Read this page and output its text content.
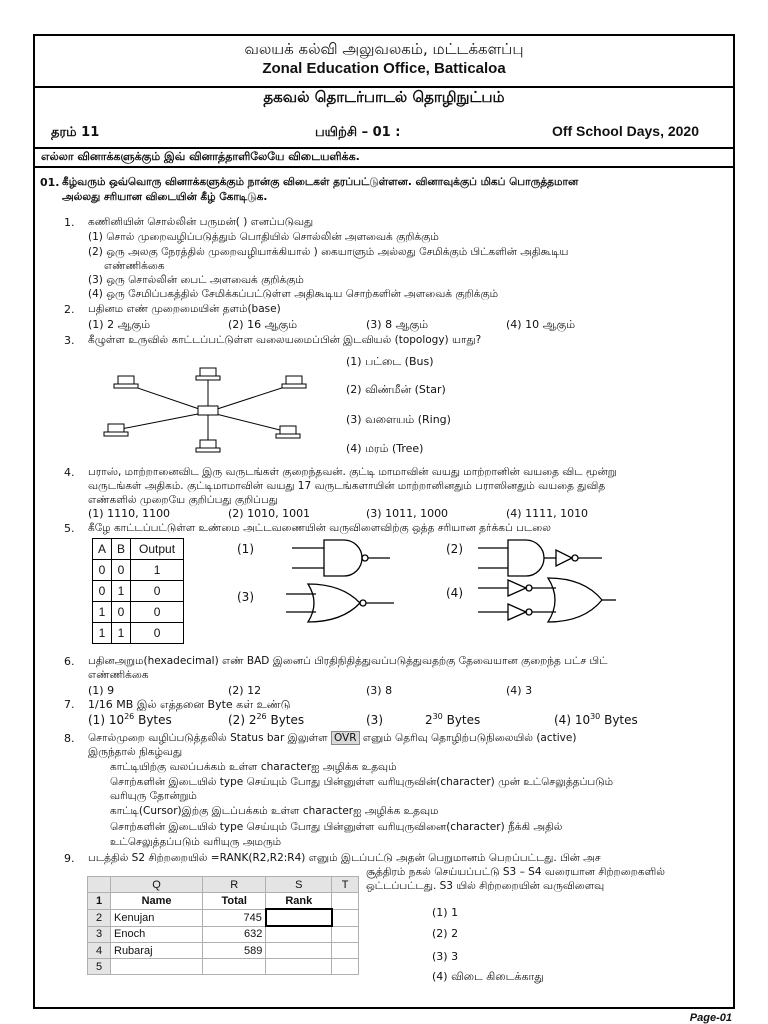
வலயக் கல்வி அலுவலகம், மட்டக்களப்பு
Zonal Education Office, Batticaloa
தகவல் தொடர்பாடல் தொழிநுட்பம்
தரம் 11	பயிற்சி – 01 :	Off School Days, 2020
எல்லா வினாக்களுக்கும் இவ் வினாத்தாளிலேயே விடையளிக்க.
01. கீழ்வரும் ஒவ்வொரு வினாக்களுக்கும் நான்கு விடைகள் தரப்பட்டுள்ளன. வினாவுக்குப் மிகப் பொருத்தமான
அல்லது சரியான விடையின் கீழ் கோடிடுக.
1. கணினியின் சொல்லின் பருமன்( ) எனப்படுவது
(1) சொல் முறைவழிப்படுத்தும் பொதியில் சொல்லின் அளவைக் குறிக்கும்
(2) ஒரு அலகு நேரத்தில் முறைவழியாக்கியால் ) கையாளும் அல்லது சேமிக்கும் பிட்களின் அதிகூடிய
எண்ணிக்கை
(3) ஒரு சொல்லின் பைட் அளவைக் குறிக்கும்
(4) ஒரு சேமிப்பகத்தில் சேமிக்கப்பட்டுள்ள அதிகூடிய சொற்களின் அளவைக் குறிக்கும்
2. பதினம எண் முறைமையின் தளம்(base)
(1) 2 ஆகும்	(2) 16 ஆகும்	(3) 8 ஆகும்	(4) 10 ஆகும்
3. கீழுள்ள உருவில் காட்டப்பட்டுள்ள வலையமைப்பின் இடவியல் (topology) யாது?
(1) பட்டை (Bus)
(2) விண்மீன் (Star)
(3) வளையம் (Ring)
(4) மரம் (Tree)
4. பராஸ், மாற்றானைவிட இரு வருடங்கள் குறைந்தவன். குட்டி மாமாவின் வயது மாற்றானின் வயதை விட மூன்று
வருடங்கள் அதிகம். குட்டிமாமாவின் வயது 17 வருடங்களாயின் மாற்றானினதும் பராஸினதும் வயதை துவித
எண்களில் முறையே குறிப்பது குறிப்பது
(1) 1110, 1100	(2) 1010, 1001	(3) 1011, 1000	(4) 1111, 1010
5. கீழே காட்டப்பட்டுள்ள உண்மை அட்டவணையின் வருவிளைவிற்கு ஒத்த சரியான தர்க்கப் படலை
A	B	Output
0	0	1
0	1	0
1	0	0
1	1	0
(1)	(2)
(3)	(4)
6. பதினஅறும(hexadecimal) எண் BAD இனைப் பிரதிநிதித்துவப்படுத்துவதற்கு தேவையான குறைந்த பட்ச பிட்
எண்ணிக்கை
(1) 9	(2) 12	(3) 8	(4) 3
7. 1/16 MB இல் எத்தனை Byte கள் உண்டு
(1) $10^{26}$ Bytes	(2) $2^{26}$ Bytes	(3)           $2^{30}$ Bytes	(4) $10^{30}$ Bytes
8. சொல்முறை வழிப்படுத்தலில் Status bar இலுள்ள OVR எனும் தெரிவு தொழிற்படுநிலையில் (active)
இருந்தால் நிகழ்வது
காட்டியிற்கு வலப்பக்கம் உள்ள characterஐ அழிக்க உதவும்
சொற்களின் இடையில் type செய்யும் போது பின்னுள்ள வரியுருவின்(character) முன் உட்செலுத்தப்படும்
வரியுரு தோன்றும்
காட்டி(Cursor)இற்கு இடப்பக்கம் உள்ள characterஐ அழிக்க உதவும
சொற்களின் இடையில் type செய்யும் போது பின்னுள்ள வரியுருவினை(character) நீக்கி அதில்
உட்செலுத்தப்படும் வரியுரு அமரும்
9. படத்தில் S2 சிற்றறையில் =RANK(R2,R2:R4) எனும் இடப்பட்டு அதன் பெறுமானம் பெறப்பட்டது. பின் அச
சூத்திரம் நகல் செய்யப்பட்டு S3 – S4 வரையான சிற்றறைகளில்
ஒட்டப்பட்டது. S3 யில் சிற்றறையின் வருவிளைவு
	Q	R	S	T
1	Name	Total	Rank	
2	Kenujan	745		
3	Enoch	632		
4	Rubaraj	589		
5				
(1) 1
(2) 2
(3) 3
(4) விடை கிடைக்காது
Page-01
